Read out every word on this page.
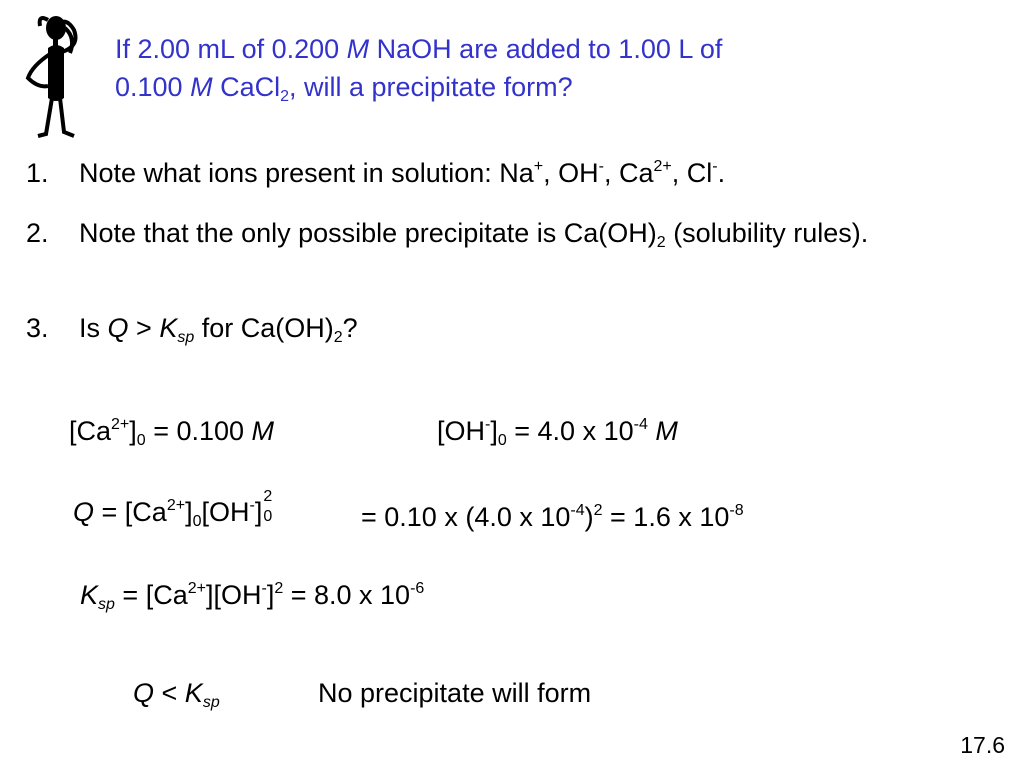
If 2.00 mL of 0.200 M NaOH are added to 1.00 L of
0.100 M CaCl$_2$, will a precipitate form?
1. Note what ions present in solution: Na+, OH-, $Ca^{2+}$, Cl-.
2. Note that the only possible precipitate is $Ca(OH)_2$ (solubility rules).
3. Is $Q > K_{sp}$ for $Ca(OH)_2$?
$[Ca^{2+}]_0 = 0.100$ M	$[OH^-]_0 = 4.0$ x $10^{-4}$ M
$Q = [Ca^{2+}]_0[OH^-]$
2
0	= 0.10 x (4.0 x $10^{-4})^2 = 1.6$ x $10^{-8}$
$K_{sp} = [Ca^{2+}][OH^-]^2 = 8.0$ x $10^{-6}$
$Q < K_{sp}$	No precipitate will form
17.6
